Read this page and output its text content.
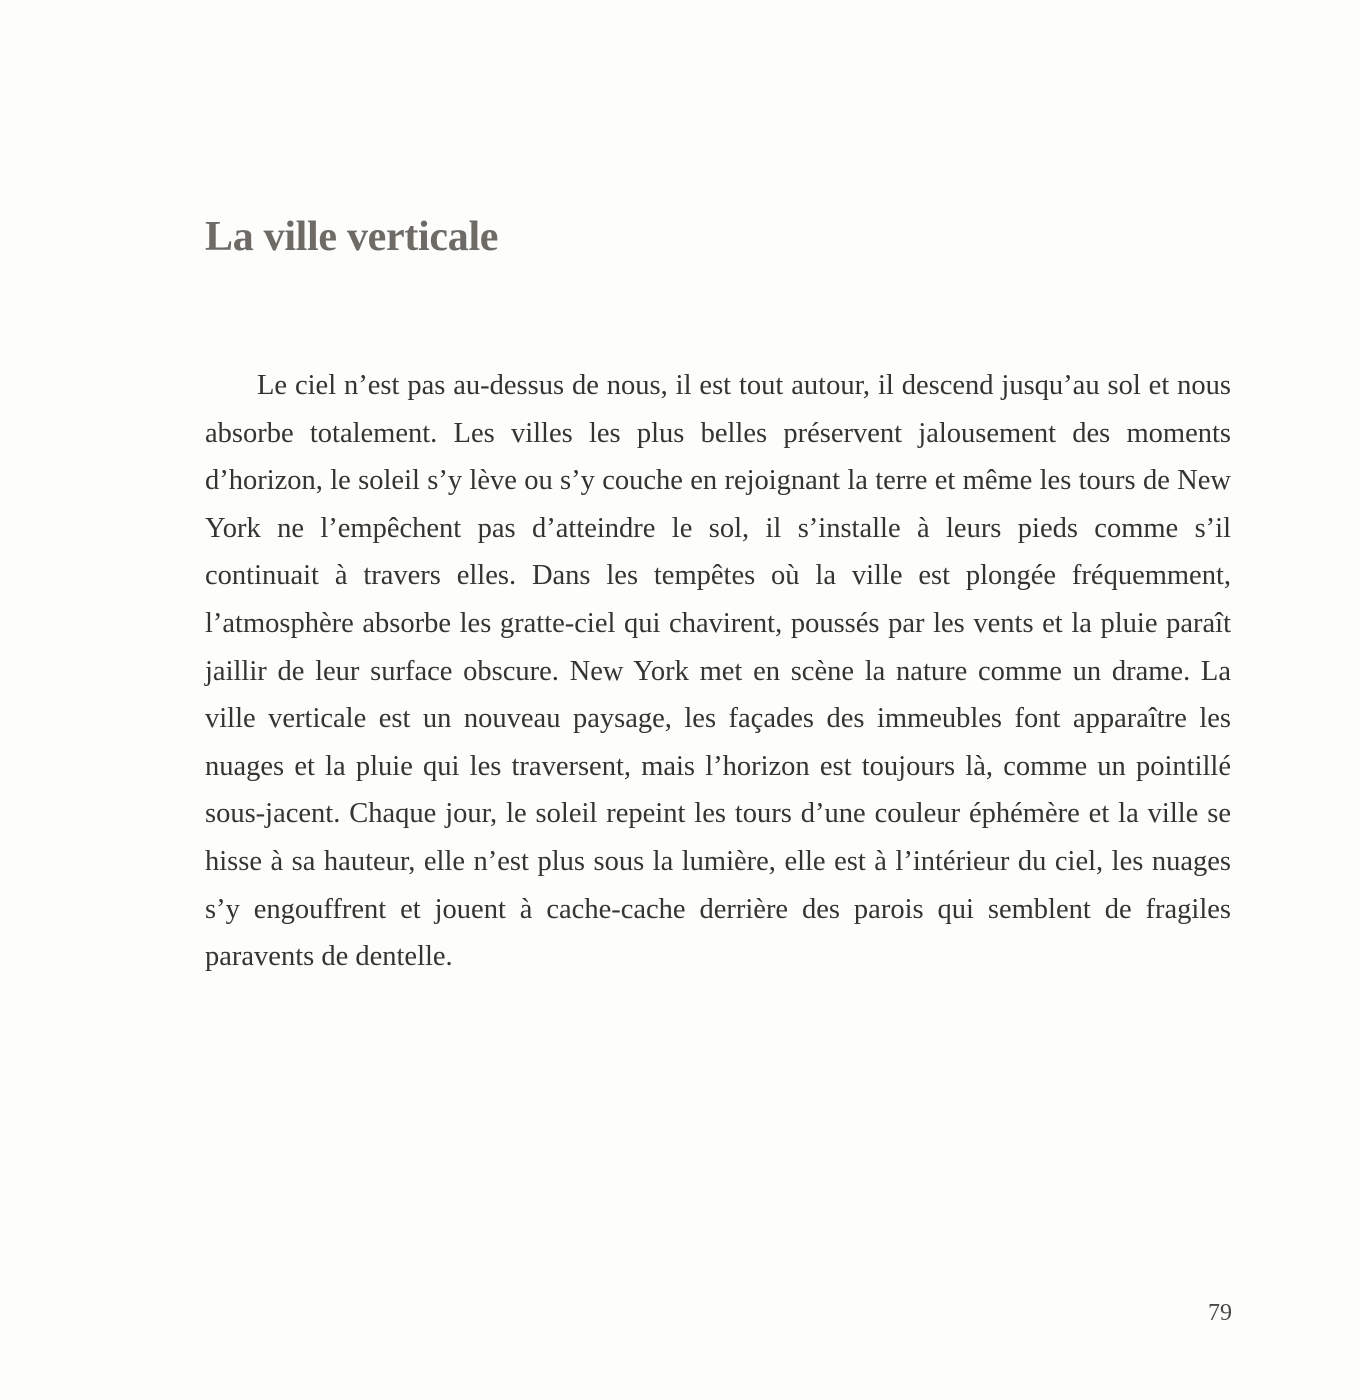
La ville verticale

Le ciel n’est pas au-dessus de nous, il est tout autour, il descend jusqu’au sol et nous absorbe totalement. Les villes les plus belles préservent jalousement des moments d’horizon, le soleil s’y lève ou s’y couche en rejoignant la terre et même les tours de New York ne l’empêchent pas d’atteindre le sol, il s’installe à leurs pieds comme s’il continuait à travers elles. Dans les tempêtes où la ville est plongée fréquemment, l’atmosphère absorbe les gratte-ciel qui chavirent, poussés par les vents et la pluie paraît jaillir de leur surface obscure. New York met en scène la nature comme un drame. La ville verticale est un nouveau paysage, les façades des immeubles font apparaître les nuages et la pluie qui les traversent, mais l’horizon est toujours là, comme un pointillé sous-jacent. Chaque jour, le soleil repeint les tours d’une couleur éphémère et la ville se hisse à sa hauteur, elle n’est plus sous la lumière, elle est à l’intérieur du ciel, les nuages s’y engouffrent et jouent à cache-cache derrière des parois qui semblent de fragiles paravents de dentelle.

79
